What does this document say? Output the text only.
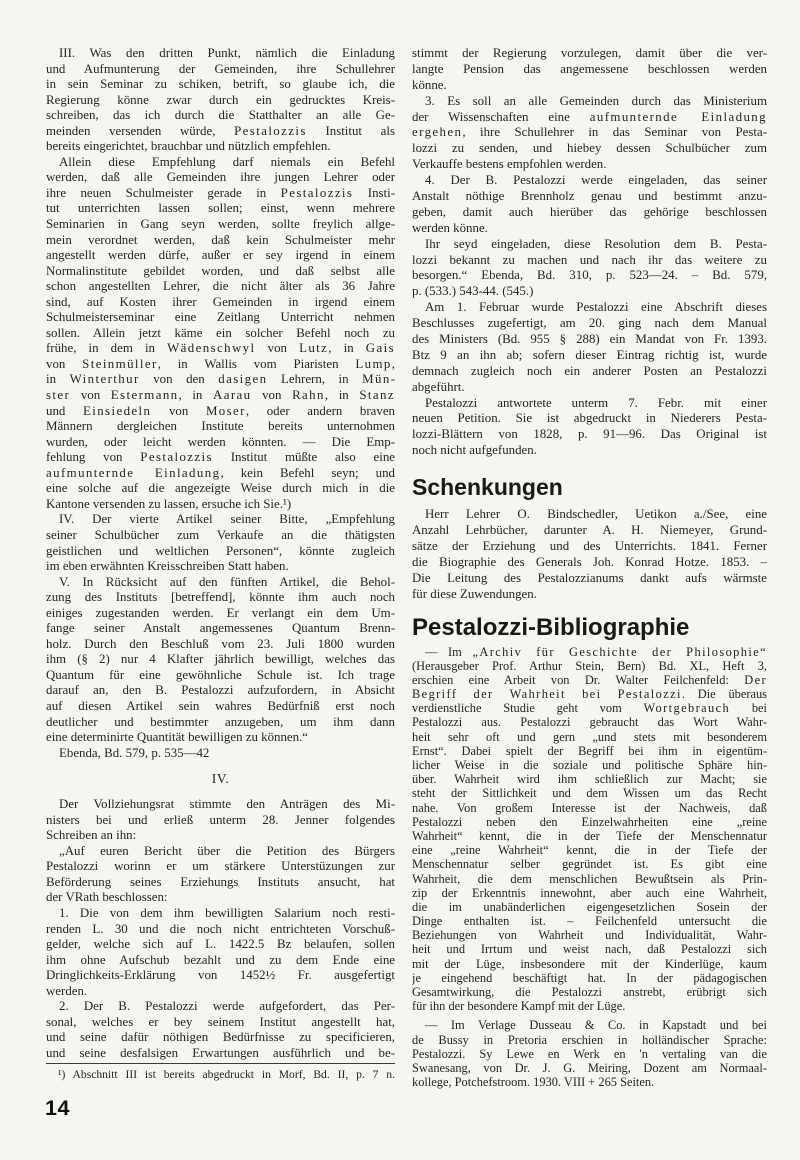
III. Was den dritten Punkt, nämlich die Einladung
und Aufmunterung der Gemeinden, ihre Schullehrer
in sein Seminar zu schiken, betrift, so glaube ich, die
Regierung könne zwar durch ein gedrucktes Kreis-
schreiben, das ich durch die Statthalter an alle Ge-
meinden versenden würde, Pestalozzis Institut als
bereits eingerichtet, brauchbar und nützlich empfehlen.
Allein diese Empfehlung darf niemals ein Befehl
werden, daß alle Gemeinden ihre jungen Lehrer oder
ihre neuen Schulmeister gerade in Pestalozzis Insti-
tut unterrichten lassen sollen; einst, wenn mehrere
Seminarien in Gang seyn werden, sollte freylich allge-
mein verordnet werden, daß kein Schulmeister mehr
angestellt werden dürfe, außer er sey irgend in einem
Normalinstitute gebildet worden, und daß selbst alle
schon angestellten Lehrer, die nicht älter als 36 Jahre
sind, auf Kosten ihrer Gemeinden in irgend einem
Schulmeisterseminar eine Zeitlang Unterricht nehmen
sollen. Allein jetzt käme ein solcher Befehl noch zu
frühe, in dem in Wädenschwyl von Lutz, in Gais
von Steinmüller, in Wallis vom Piaristen Lump,
in Winterthur von den dasigen Lehrern, in Mün-
ster von Estermann, in Aarau von Rahn, in Stanz
und Einsiedeln von Moser, oder andern braven
Männern dergleichen Institute bereits unternohmen
wurden, oder leicht werden könnten. — Die Emp-
fehlung von Pestalozzis Institut müßte also eine
aufmunternde Einladung, kein Befehl seyn; und
eine solche auf die angezeigte Weise durch mich in die
Kantone versenden zu lassen, ersuche ich Sie.¹)
IV. Der vierte Artikel seiner Bitte, „Empfehlung
seiner Schulbücher zum Verkaufe an die thätigsten
geistlichen und weltlichen Personen“, könnte zugleich
im eben erwähnten Kreisschreiben Statt haben.
V. In Rücksicht auf den fünften Artikel, die Behol-
zung des Instituts [betreffend], könnte ihm auch noch
einiges zugestanden werden. Er verlangt ein dem Um-
fange seiner Anstalt angemessenes Quantum Brenn-
holz. Durch den Beschluß vom 23. Juli 1800 wurden
ihm (§ 2) nur 4 Klafter jährlich bewilligt, welches das
Quantum für eine gewöhnliche Schule ist. Ich trage
darauf an, den B. Pestalozzi aufzufordern, in Absicht
auf diesen Artikel sein wahres Bedürfniß erst noch
deutlicher und bestimmter anzugeben, um ihm dann
eine determinirte Quantität bewilligen zu können.“
Ebenda, Bd. 579, p. 535—42
IV.
Der Vollziehungsrat stimmte den Anträgen des Mi-
nisters bei und erließ unterm 28. Jenner folgendes
Schreiben an ihn:
„Auf euren Bericht über die Petition des Bürgers
Pestalozzi worinn er um stärkere Unterstüzungen zur
Beförderung seines Erziehungs Instituts ansucht, hat
der VRath beschlossen:
1. Die von dem ihm bewilligten Salarium noch resti-
renden L. 30 und die noch nicht entrichteten Vorschuß-
gelder, welche sich auf L. 1422.5 Bz belaufen, sollen
ihm ohne Aufschub bezahlt und zu dem Ende eine
Dringlichkeits-Erklärung von 1452½ Fr. ausgefertigt
werden.
2. Der B. Pestalozzi werde aufgefordert, das Per-
sonal, welches er bey seinem Institut angestellt hat,
und seine dafür nöthigen Bedürfnisse zu specificieren,
und seine desfalsigen Erwartungen ausführlich und be-
stimmt der Regierung vorzulegen, damit über die ver-
langte Pension das angemessene beschlossen werden
könne.
3. Es soll an alle Gemeinden durch das Ministerium
der Wissenschaften eine aufmunternde Einladung
ergehen, ihre Schullehrer in das Seminar von Pesta-
lozzi zu senden, und hiebey dessen Schulbücher zum
Verkauffe bestens empfohlen werden.
4. Der B. Pestalozzi werde eingeladen, das seiner
Anstalt nöthige Brennholz genau und bestimmt anzu-
geben, damit auch hierüber das gehörige beschlossen
werden könne.
Ihr seyd eingeladen, diese Resolution dem B. Pesta-
lozzi bekannt zu machen und nach ihr das weitere zu
besorgen.“ Ebenda, Bd. 310, p. 523—24. – Bd. 579,
p. (533.) 543-44. (545.)
Am 1. Februar wurde Pestalozzi eine Abschrift dieses
Beschlusses zugefertigt, am 20. ging nach dem Manual
des Ministers (Bd. 955 § 288) ein Mandat von Fr. 1393.
Btz 9 an ihn ab; sofern dieser Eintrag richtig ist, wurde
demnach zugleich noch ein anderer Posten an Pestalozzi
abgeführt.
Pestalozzi antwortete unterm 7. Febr. mit einer
neuen Petition. Sie ist abgedruckt in Niederers Pesta-
lozzi-Blättern von 1828, p. 91—96. Das Original ist
noch nicht aufgefunden.
Schenkungen
Herr Lehrer O. Bindschedler, Uetikon a./See, eine
Anzahl Lehrbücher, darunter A. H. Niemeyer, Grund-
sätze der Erziehung und des Unterrichts. 1841. Ferner
die Biographie des Generals Joh. Konrad Hotze. 1853. –
Die Leitung des Pestalozzianums dankt aufs wärmste
für diese Zuwendungen.
Pestalozzi-Bibliographie
— Im „Archiv für Geschichte der Philosophie“
(Herausgeber Prof. Arthur Stein, Bern) Bd. XL, Heft 3,
erschien eine Arbeit von Dr. Walter Feilchenfeld: Der
Begriff der Wahrheit bei Pestalozzi. Die überaus
verdienstliche Studie geht vom Wortgebrauch bei
Pestalozzi aus. Pestalozzi gebraucht das Wort Wahr-
heit sehr oft und gern „und stets mit besonderem
Ernst“. Dabei spielt der Begriff bei ihm in eigentüm-
licher Weise in die soziale und politische Sphäre hin-
über. Wahrheit wird ihm schließlich zur Macht; sie
steht der Sittlichkeit und dem Wissen um das Recht
nahe. Von großem Interesse ist der Nachweis, daß
Pestalozzi neben den Einzelwahrheiten eine „reine
Wahrheit“ kennt, die in der Tiefe der Menschennatur
eine „reine Wahrheit“ kennt, die in der Tiefe der
Menschennatur selber gegründet ist. Es gibt eine
Wahrheit, die dem menschlichen Bewußtsein als Prin-
zip der Erkenntnis innewohnt, aber auch eine Wahrheit,
die im unabänderlichen eigengesetzlichen Sosein der
Dinge enthalten ist. – Feilchenfeld untersucht die
Beziehungen von Wahrheit und Individualität, Wahr-
heit und Irrtum und weist nach, daß Pestalozzi sich
mit der Lüge, insbesondere mit der Kinderlüge, kaum
je eingehend beschäftigt hat. In der pädagogischen
Gesamtwirkung, die Pestalozzi anstrebt, erübrigt sich
für ihn der besondere Kampf mit der Lüge.
— Im Verlage Dusseau & Co. in Kapstadt und bei
de Bussy in Pretoria erschien in holländischer Sprache:
Pestalozzi. Sy Lewe en Werk en 'n vertaling van die
Swanesang, von Dr. J. G. Meiring, Dozent am Normaal-
kollege, Potchefstroom. 1930. VIII + 265 Seiten.
¹) Abschnitt III ist bereits abgedruckt in Morf, Bd. II, p. 7 n.
14
